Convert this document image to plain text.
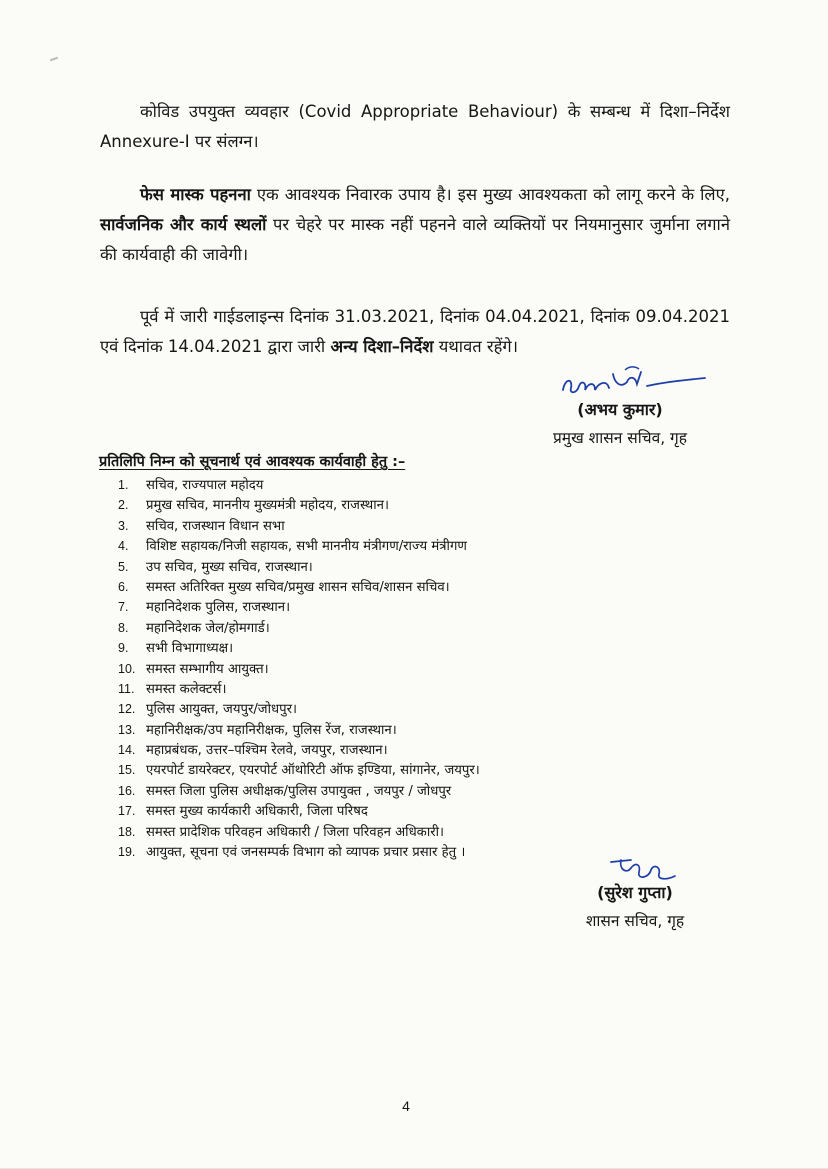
कोविड उपयुक्त व्यवहार (Covid Appropriate Behaviour) के सम्बन्ध में दिशा–निर्देश Annexure-I पर संलग्न।

फेस मास्क पहनना एक आवश्यक निवारक उपाय है। इस मुख्य आवश्यकता को लागू करने के लिए, सार्वजनिक और कार्य स्थलों पर चेहरे पर मास्क नहीं पहनने वाले व्यक्तियों पर नियमानुसार जुर्माना लगाने की कार्यवाही की जावेगी।

पूर्व में जारी गाईडलाइन्स दिनांक 31.03.2021, दिनांक 04.04.2021, दिनांक 09.04.2021 एवं दिनांक 14.04.2021 द्वारा जारी अन्य दिशा–निर्देश यथावत रहेंगे।

(अभय कुमार)
प्रमुख शासन सचिव, गृह

प्रतिलिपि निम्न को सूचनार्थ एवं आवश्यक कार्यवाही हेतु :–

1. सचिव, राज्यपाल महोदय
2. प्रमुख सचिव, माननीय मुख्यमंत्री महोदय, राजस्थान।
3. सचिव, राजस्थान विधान सभा
4. विशिष्ट सहायक/निजी सहायक, सभी माननीय मंत्रीगण/राज्य मंत्रीगण
5. उप सचिव, मुख्य सचिव, राजस्थान।
6. समस्त अतिरिक्त मुख्य सचिव/प्रमुख शासन सचिव/शासन सचिव।
7. महानिदेशक पुलिस, राजस्थान।
8. महानिदेशक जेल/होमगार्ड।
9. सभी विभागाध्यक्ष।
10. समस्त सम्भागीय आयुक्त।
11. समस्त कलेक्टर्स।
12. पुलिस आयुक्त, जयपुर/जोधपुर।
13. महानिरीक्षक/उप महानिरीक्षक, पुलिस रेंज, राजस्थान।
14. महाप्रबंधक, उत्तर–पश्चिम रेलवे, जयपुर, राजस्थान।
15. एयरपोर्ट डायरेक्टर, एयरपोर्ट ऑथोरिटी ऑफ इण्डिया, सांगानेर, जयपुर।
16. समस्त जिला पुलिस अधीक्षक/पुलिस उपायुक्त , जयपुर / जोधपुर
17. समस्त मुख्य कार्यकारी अधिकारी, जिला परिषद
18. समस्त प्रादेशिक परिवहन अधिकारी / जिला परिवहन अधिकारी।
19. आयुक्त, सूचना एवं जनसम्पर्क विभाग को व्यापक प्रचार प्रसार हेतु ।
(सुरेश गुप्ता)
शासन सचिव, गृह
4
